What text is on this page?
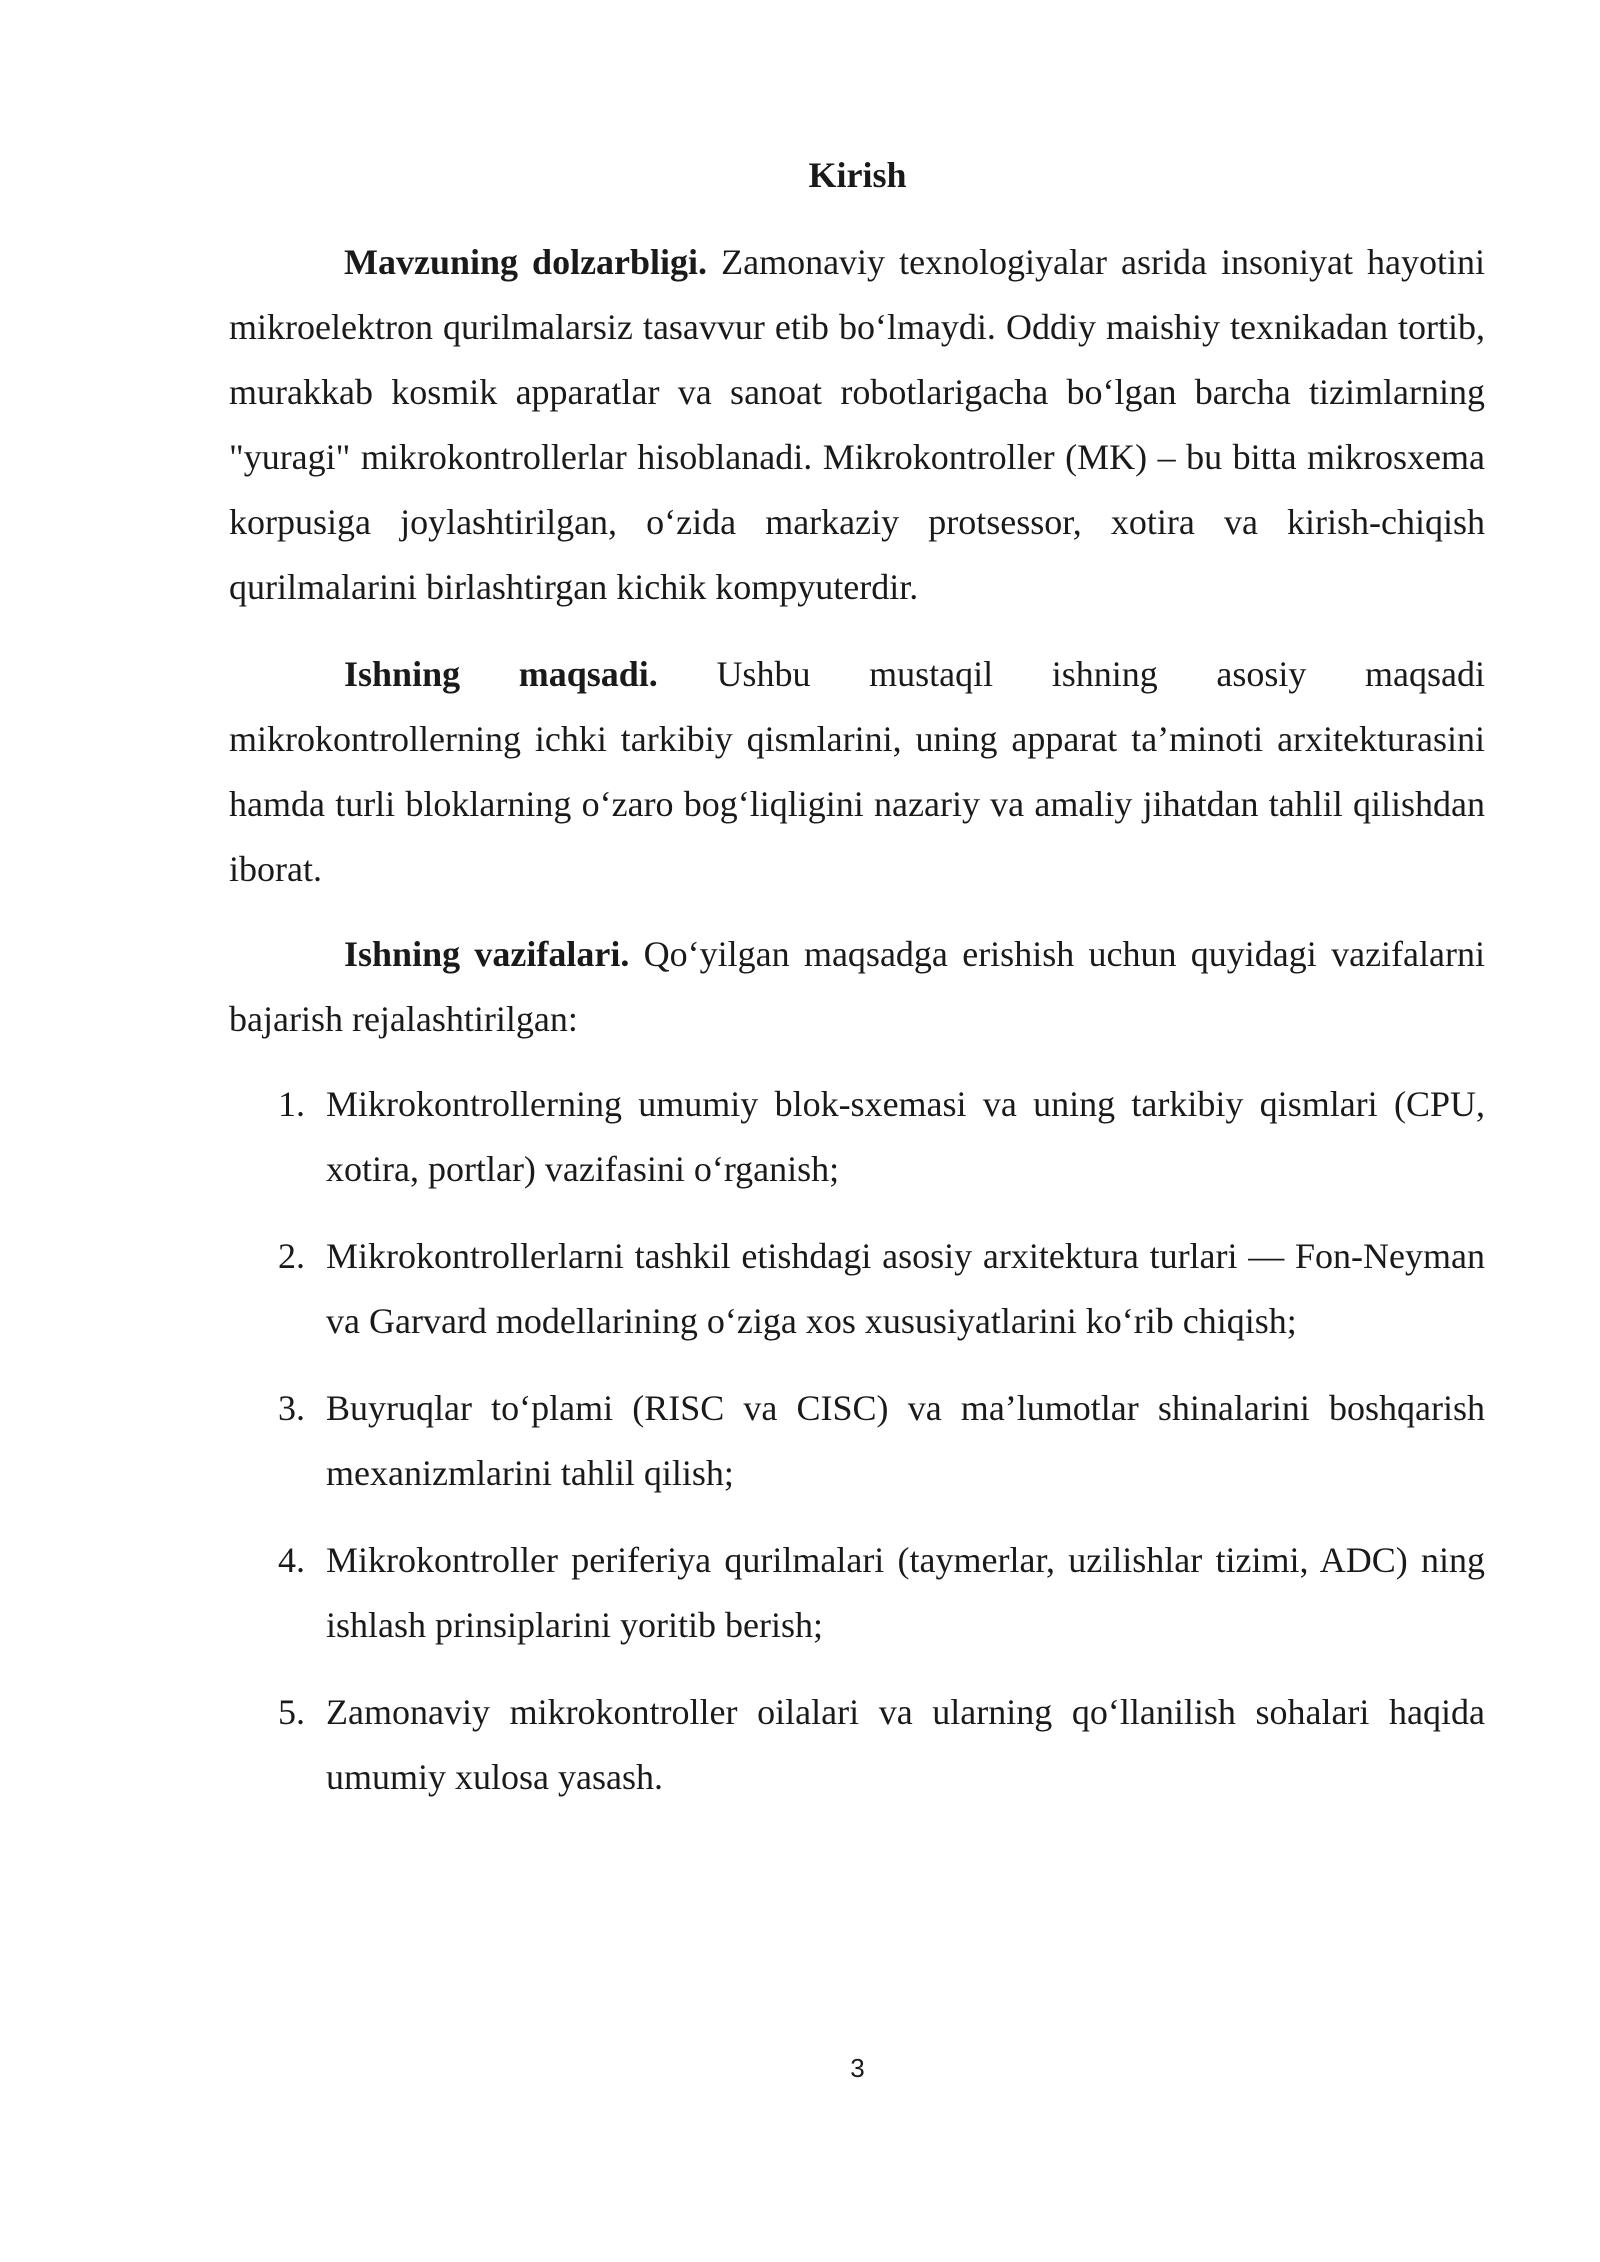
Kirish

Mavzuning dolzarbligi. Zamonaviy texnologiyalar asrida insoniyat hayotini mikroelektron qurilmalarsiz tasavvur etib bo‘lmaydi. Oddiy maishiy texnikadan tortib, murakkab kosmik apparatlar va sanoat robotlarigacha bo‘lgan barcha tizimlarning "yuragi" mikrokontrollerlar hisoblanadi. Mikrokontroller (MK) – bu bitta mikrosxema korpusiga joylashtirilgan, o‘zida markaziy protsessor, xotira va kirish-chiqish qurilmalarini birlashtirgan kichik kompyuterdir.

Ishning maqsadi. Ushbu mustaqil ishning asosiy maqsadi mikrokontrollerning ichki tarkibiy qismlarini, uning apparat ta’minoti arxitekturasini hamda turli bloklarning o‘zaro bog‘liqligini nazariy va amaliy jihatdan tahlil qilishdan iborat.

Ishning vazifalari. Qo‘yilgan maqsadga erishish uchun quyidagi vazifalarni bajarish rejalashtirilgan:

1. Mikrokontrollerning umumiy blok-sxemasi va uning tarkibiy qismlari (CPU, xotira, portlar) vazifasini o‘rganish;
2. Mikrokontrollerlarni tashkil etishdagi asosiy arxitektura turlari — Fon-Neyman va Garvard modellarining o‘ziga xos xususiyatlarini ko‘rib chiqish;
3. Buyruqlar to‘plami (RISC va CISC) va ma’lumotlar shinalarini boshqarish mexanizmlarini tahlil qilish;
4. Mikrokontroller periferiya qurilmalari (taymerlar, uzilishlar tizimi, ADC) ning ishlash prinsiplarini yoritib berish;
5. Zamonaviy mikrokontroller oilalari va ularning qo‘llanilish sohalari haqida umumiy xulosa yasash.
3
